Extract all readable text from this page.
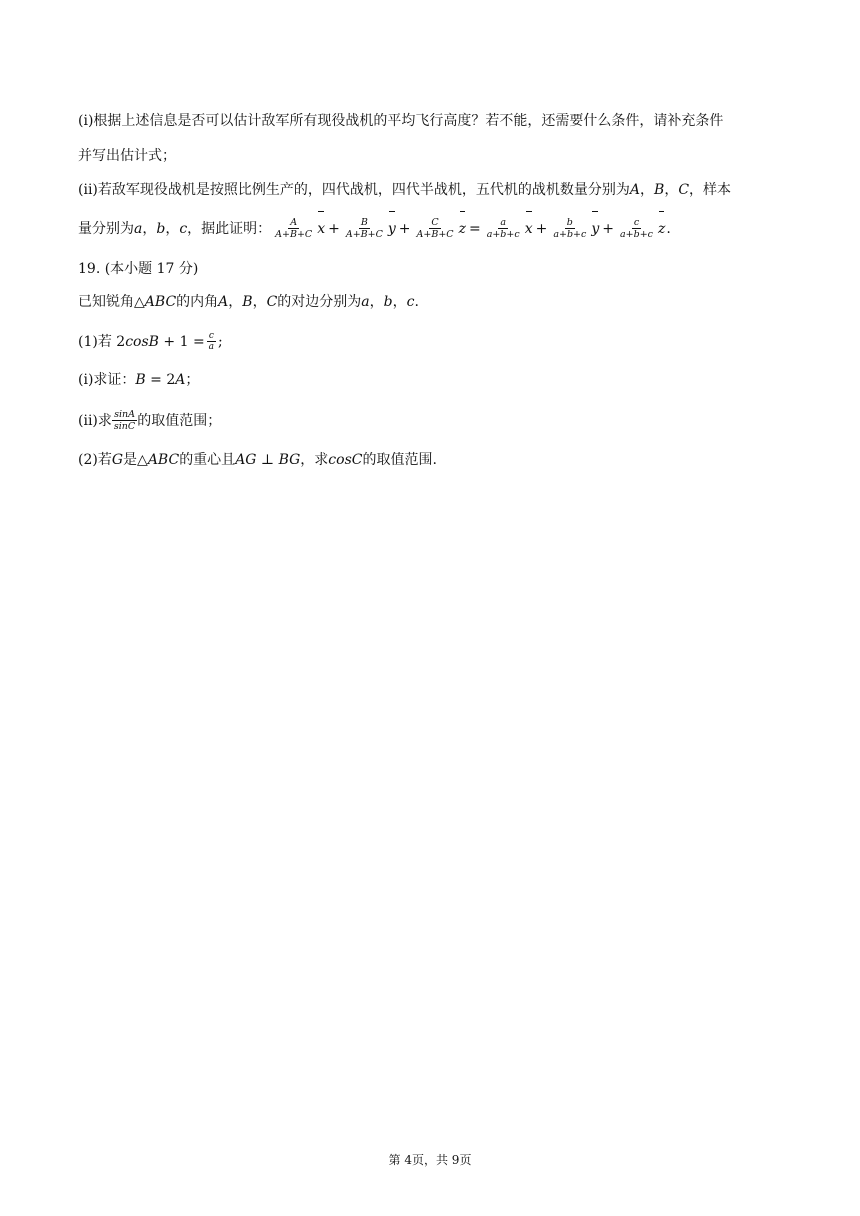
(i)根据上述信息是否可以估计敌军所有现役战机的平均飞行高度？若不能，还需要什么条件，请补充条件
并写出估计式；
(ii)若敌军现役战机是按照比例生产的，四代战机，四代半战机，五代机的战机数量分别为A，B，C，样本
量分别为a，b，c，据此证明： $\frac{A}{A+B+C}$ $x + \frac{B}{A+B+C}$ $y + \frac{C}{A+B+C}$ $z = \frac{a}{a+b+c}$ $x + \frac{b}{a+b+c}$ $y + \frac{c}{a+b+c} z$.
19. (本小题 17 分)
已知锐角△ABC的内角A，B，C的对边分别为a，b，c.
(1)若 $2\cos B + 1 = \frac{c}{a}$ ;
(i)求证：B = 2A；
(ii)求 $\frac{\sin A}{\sin C}$ 的取值范围；
(2)若G是△ABC的重心且AG ⊥ BG，求cosC的取值范围.
第 4页，共 9页
